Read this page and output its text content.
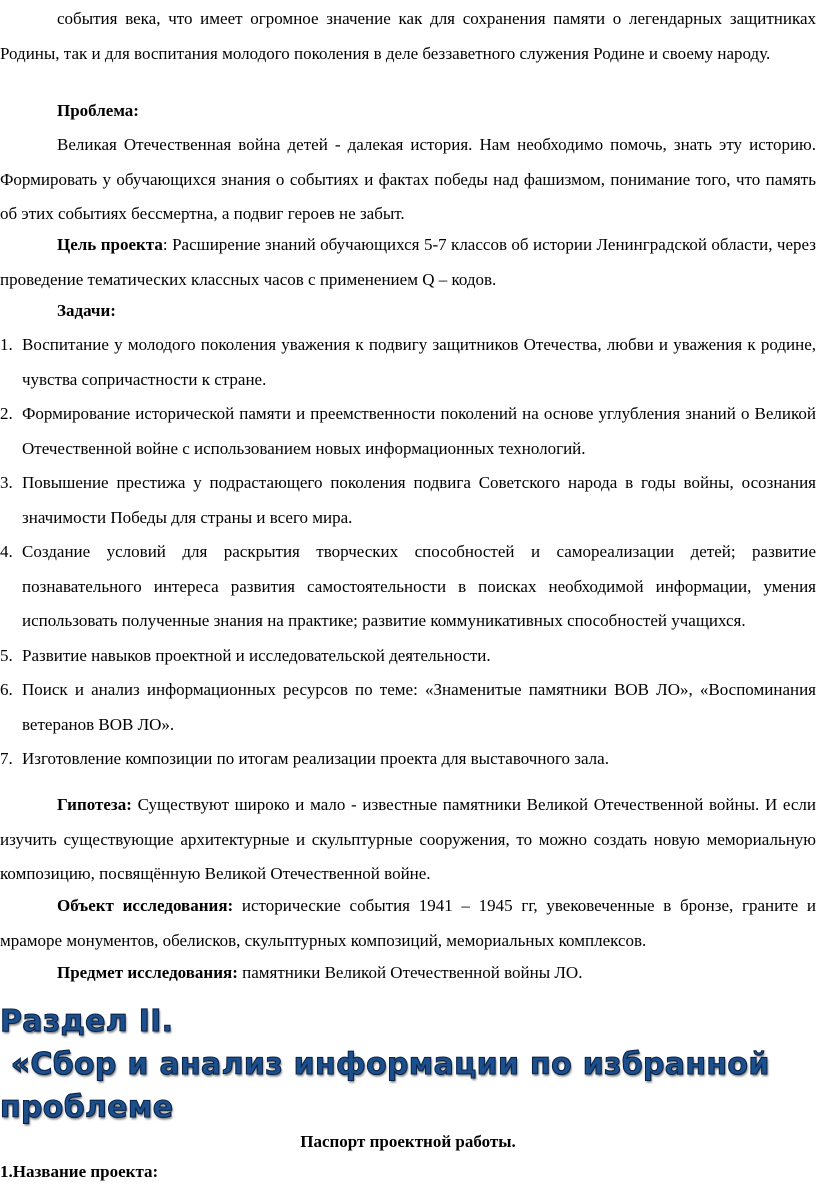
события века, что имеет огромное значение как для сохранения памяти о легендарных защитниках Родины, так и для воспитания молодого поколения в деле беззаветного служения Родине и своему народу.

Проблема:

Великая Отечественная война детей - далекая история. Нам необходимо помочь, знать эту историю. Формировать у обучающихся знания о событиях и фактах победы над фашизмом, понимание того, что память об этих событиях бессмертна, а подвиг героев не забыт.

Цель проекта: Расширение знаний обучающихся 5-7 классов об истории Ленинградской области, через проведение тематических классных часов с применением Q – кодов.

Задачи:

1. Воспитание у молодого поколения уважения к подвигу защитников Отечества, любви и уважения к родине, чувства сопричастности к стране.
2. Формирование исторической памяти и преемственности поколений на основе углубления знаний о Великой Отечественной войне с использованием новых информационных технологий.
3. Повышение престижа у подрастающего поколения подвига Советского народа в годы войны, осознания значимости Победы для страны и всего мира.
4. Создание условий для раскрытия творческих способностей и самореализации детей; развитие познавательного интереса развития самостоятельности в поисках необходимой информации, умения использовать полученные знания на практике; развитие коммуникативных способностей учащихся.
5. Развитие навыков проектной и исследовательской деятельности.
6. Поиск и анализ информационных ресурсов по теме: «Знаменитые памятники ВОВ ЛО», «Воспоминания ветеранов ВОВ ЛО».
7. Изготовление композиции по итогам реализации проекта для выставочного зала.

Гипотеза: Существуют широко и мало - известные памятники Великой Отечественной войны. И если изучить существующие архитектурные и скульптурные сооружения, то можно создать новую мемориальную композицию, посвящённую Великой Отечественной войне.

Объект исследования: исторические события 1941 – 1945 гг, увековеченные в бронзе, граните и мраморе монументов, обелисков, скульптурных композиций, мемориальных комплексов.

Предмет исследования: памятники Великой Отечественной войны ЛО.

Раздел II.
«Сбор и анализ информации по избранной
проблеме
Паспорт проектной работы.
1.Название проекта:
